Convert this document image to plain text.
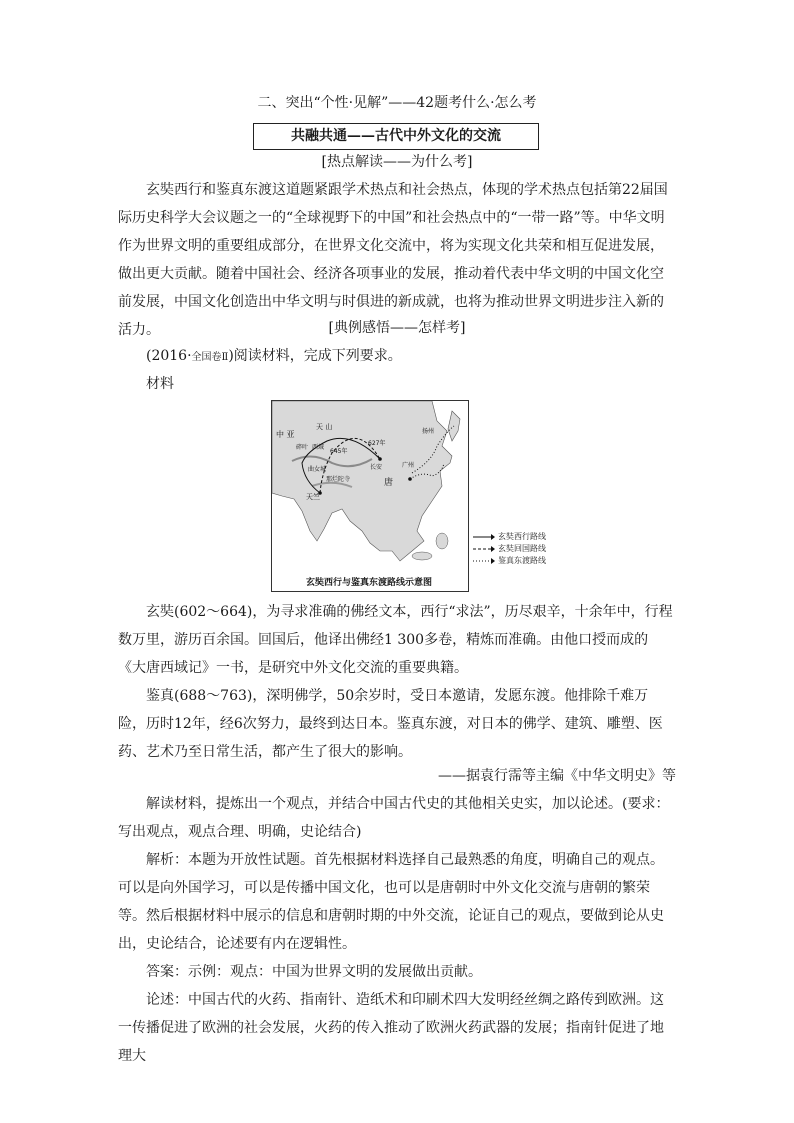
二、突出“个性·见解”——42题考什么·怎么考
共融共通——古代中外文化的交流

[热点解读——为什么考]

玄奘西行和鉴真东渡这道题紧跟学术热点和社会热点，体现的学术热点包括第22届国际历史科学大会议题之一的“全球视野下的中国”和社会热点中的“一带一路”等。中华文明作为世界文明的重要组成部分，在世界文化交流中，将为实现文化共荣和相互促进发展，做出更大贡献。随着中国社会、经济各项事业的发展，推动着代表中华文明的中国文化空前发展，中国文化创造出中华文明与时俱进的新成就，也将为推动世界文明进步注入新的活力。	[典例感悟——怎样考]

(2016·全国卷Ⅱ)阅读材料，完成下列要求。

材料

中 亚
天 山
碎叶 西域
645年
627年
长安	广州
扬州
唐
曲女城
那烂陀寺
天竺
玄奘西行与鉴真东渡路线示意图
玄奘西行路线
玄奘回国路线
鉴真东渡路线

玄奘(602～664)，为寻求准确的佛经文本，西行“求法”，历尽艰辛，十余年中，行程数万里，游历百余国。回国后，他译出佛经1 300多卷，精炼而准确。由他口授而成的《大唐西域记》一书，是研究中外文化交流的重要典籍。

鉴真(688～763)，深明佛学，50余岁时，受日本邀请，发愿东渡。他排除千难万险，历时12年，经6次努力，最终到达日本。鉴真东渡，对日本的佛学、建筑、雕塑、医药、艺术乃至日常生活，都产生了很大的影响。

——据袁行霈等主编《中华文明史》等

解读材料，提炼出一个观点，并结合中国古代史的其他相关史实，加以论述。(要求：写出观点，观点合理、明确，史论结合)

解析：本题为开放性试题。首先根据材料选择自己最熟悉的角度，明确自己的观点。可以是向外国学习，可以是传播中国文化，也可以是唐朝时中外文化交流与唐朝的繁荣等。然后根据材料中展示的信息和唐朝时期的中外交流，论证自己的观点，要做到论从史出，史论结合，论述要有内在逻辑性。

答案：示例：观点：中国为世界文明的发展做出贡献。

论述：中国古代的火药、指南针、造纸术和印刷术四大发明经丝绸之路传到欧洲。这一传播促进了欧洲的社会发展，火药的传入推动了欧洲火药武器的发展；指南针促进了地理大
